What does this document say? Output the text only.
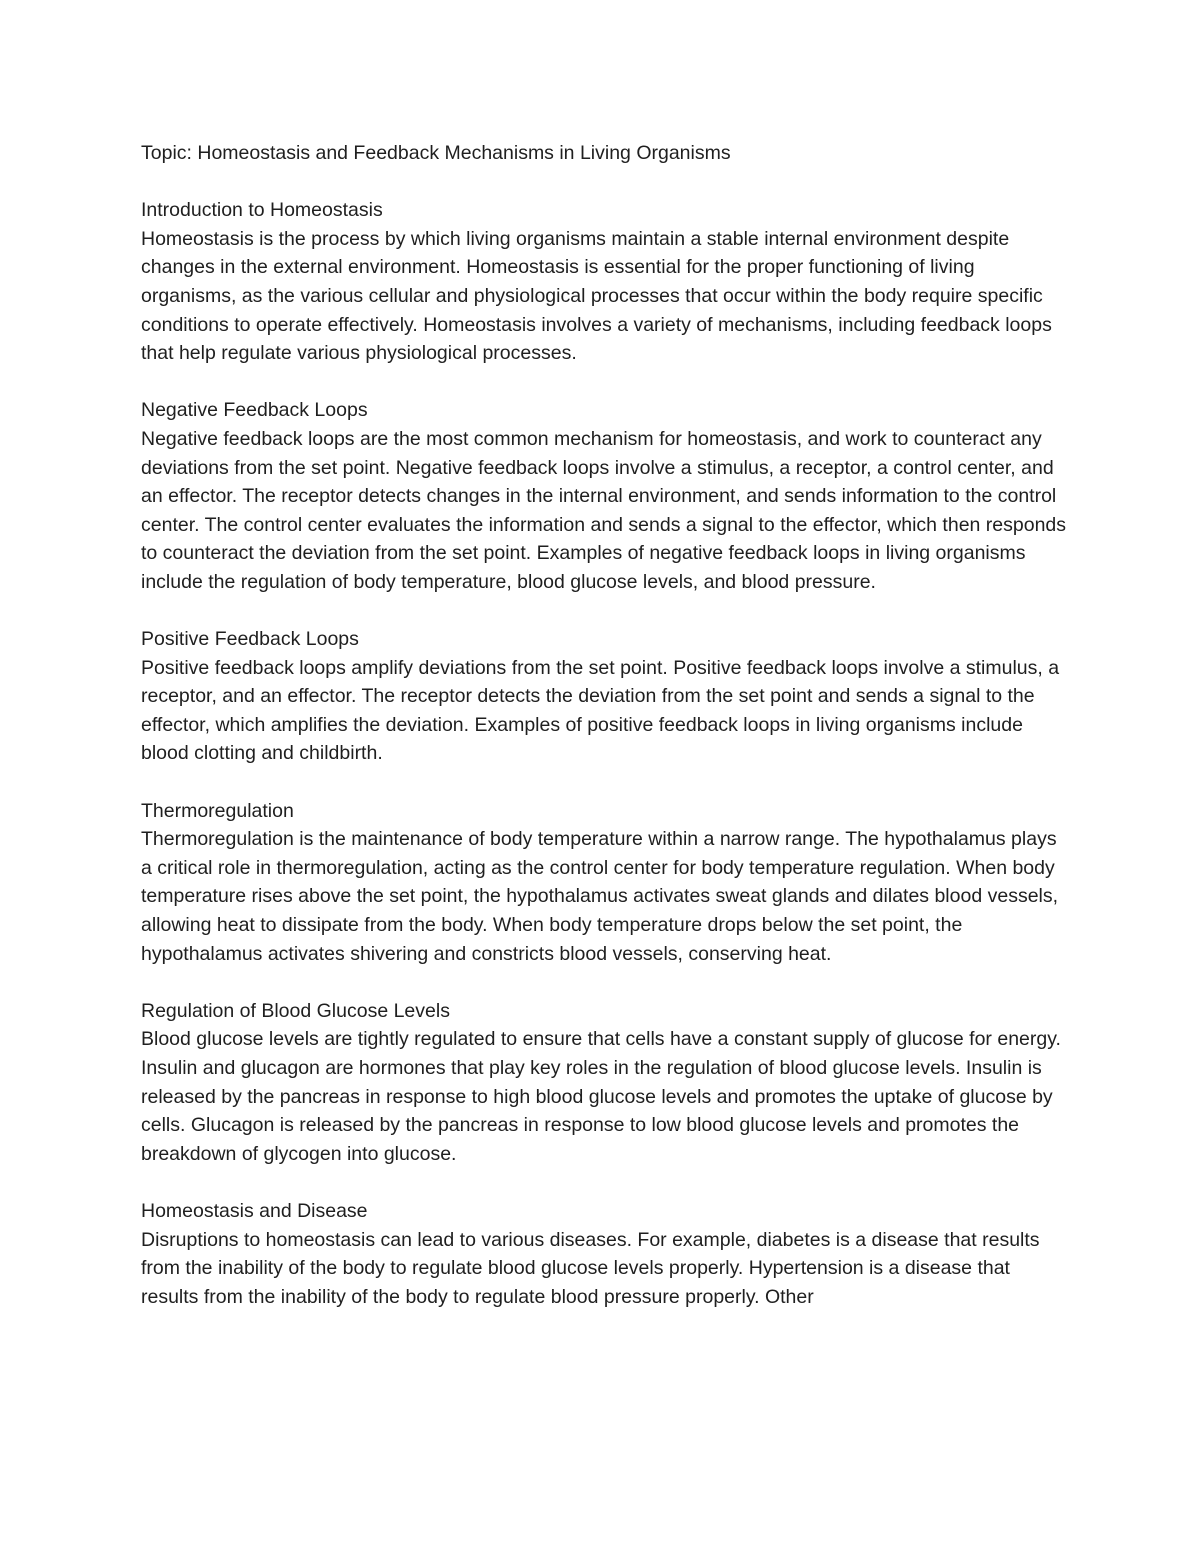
Topic: Homeostasis and Feedback Mechanisms in Living Organisms

Introduction to Homeostasis

Homeostasis is the process by which living organisms maintain a stable internal environment despite changes in the external environment. Homeostasis is essential for the proper functioning of living organisms, as the various cellular and physiological processes that occur within the body require specific conditions to operate effectively. Homeostasis involves a variety of mechanisms, including feedback loops that help regulate various physiological processes.

Negative Feedback Loops

Negative feedback loops are the most common mechanism for homeostasis, and work to counteract any deviations from the set point. Negative feedback loops involve a stimulus, a receptor, a control center, and an effector. The receptor detects changes in the internal environment, and sends information to the control center. The control center evaluates the information and sends a signal to the effector, which then responds to counteract the deviation from the set point. Examples of negative feedback loops in living organisms include the regulation of body temperature, blood glucose levels, and blood pressure.

Positive Feedback Loops

Positive feedback loops amplify deviations from the set point. Positive feedback loops involve a stimulus, a receptor, and an effector. The receptor detects the deviation from the set point and sends a signal to the effector, which amplifies the deviation. Examples of positive feedback loops in living organisms include blood clotting and childbirth.

Thermoregulation

Thermoregulation is the maintenance of body temperature within a narrow range. The hypothalamus plays a critical role in thermoregulation, acting as the control center for body temperature regulation. When body temperature rises above the set point, the hypothalamus activates sweat glands and dilates blood vessels, allowing heat to dissipate from the body. When body temperature drops below the set point, the hypothalamus activates shivering and constricts blood vessels, conserving heat.

Regulation of Blood Glucose Levels

Blood glucose levels are tightly regulated to ensure that cells have a constant supply of glucose for energy. Insulin and glucagon are hormones that play key roles in the regulation of blood glucose levels. Insulin is released by the pancreas in response to high blood glucose levels and promotes the uptake of glucose by cells. Glucagon is released by the pancreas in response to low blood glucose levels and promotes the breakdown of glycogen into glucose.

Homeostasis and Disease

Disruptions to homeostasis can lead to various diseases. For example, diabetes is a disease that results from the inability of the body to regulate blood glucose levels properly. Hypertension is a disease that results from the inability of the body to regulate blood pressure properly. Other
